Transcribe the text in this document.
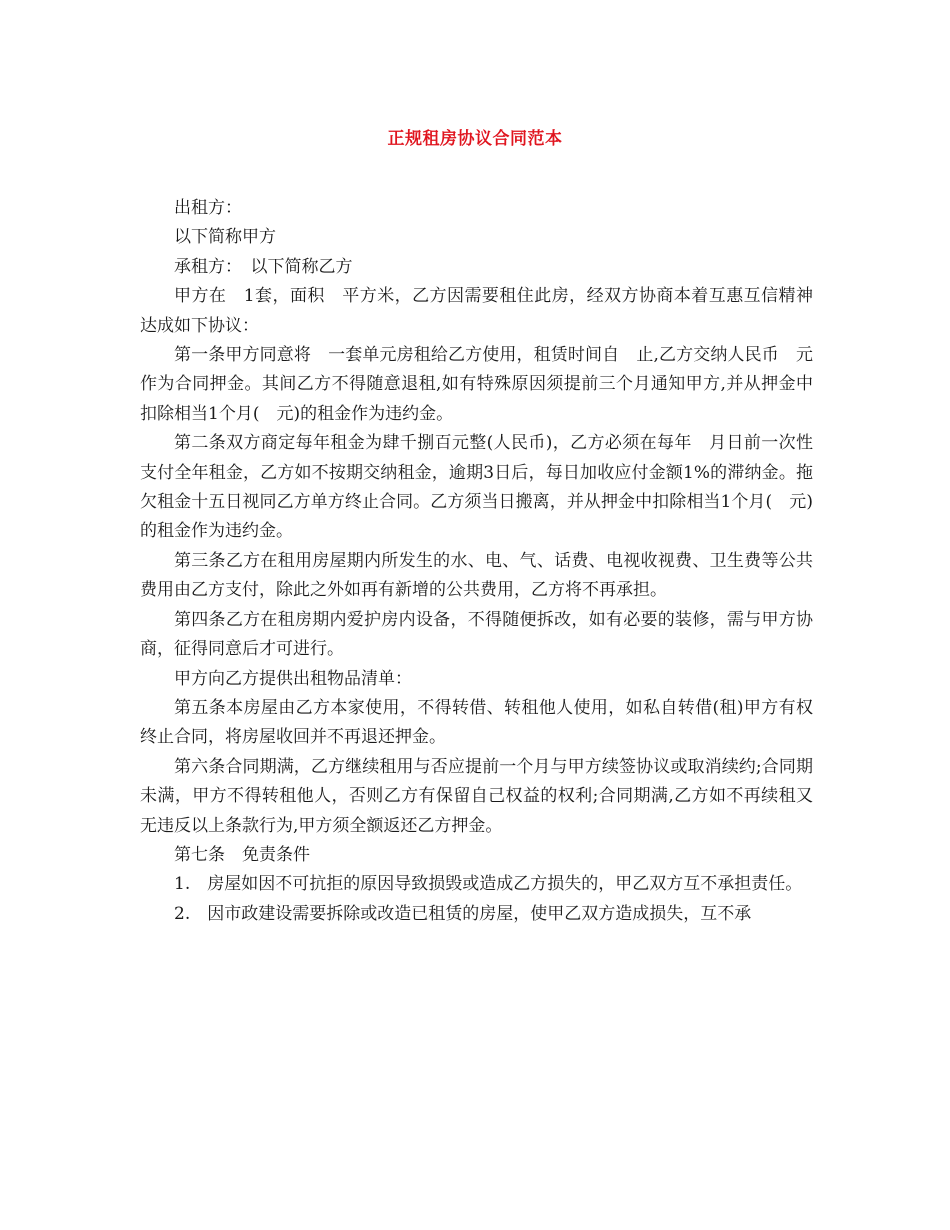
正规租房协议合同范本

出租方：

以下简称甲方

承租方：　以下简称乙方

甲方在　1套，面积　平方米，乙方因需要租住此房，经双方协商本着互惠互信精神达成如下协议：

第一条甲方同意将　一套单元房租给乙方使用，租赁时间自　止,乙方交纳人民币　元作为合同押金。其间乙方不得随意退租,如有特殊原因须提前三个月通知甲方,并从押金中扣除相当1个月(　元)的租金作为违约金。

第二条双方商定每年租金为肆千捌百元整(人民币)，乙方必须在每年　月日前一次性支付全年租金，乙方如不按期交纳租金，逾期3日后，每日加收应付金额1%的滞纳金。拖欠租金十五日视同乙方单方终止合同。乙方须当日搬离，并从押金中扣除相当1个月(　元)的租金作为违约金。

第三条乙方在租用房屋期内所发生的水、电、气、话费、电视收视费、卫生费等公共费用由乙方支付，除此之外如再有新增的公共费用，乙方将不再承担。

第四条乙方在租房期内爱护房内设备，不得随便拆改，如有必要的装修，需与甲方协商，征得同意后才可进行。

甲方向乙方提供出租物品清单：

第五条本房屋由乙方本家使用，不得转借、转租他人使用，如私自转借(租)甲方有权终止合同，将房屋收回并不再退还押金。

第六条合同期满，乙方继续租用与否应提前一个月与甲方续签协议或取消续约;合同期未满，甲方不得转租他人，否则乙方有保留自己权益的权利;合同期满,乙方如不再续租又无违反以上条款行为,甲方须全额返还乙方押金。

第七条　免责条件

1.　房屋如因不可抗拒的原因导致损毁或造成乙方损失的，甲乙双方互不承担责任。

2.　因市政建设需要拆除或改造已租赁的房屋，使甲乙双方造成损失，互不承
